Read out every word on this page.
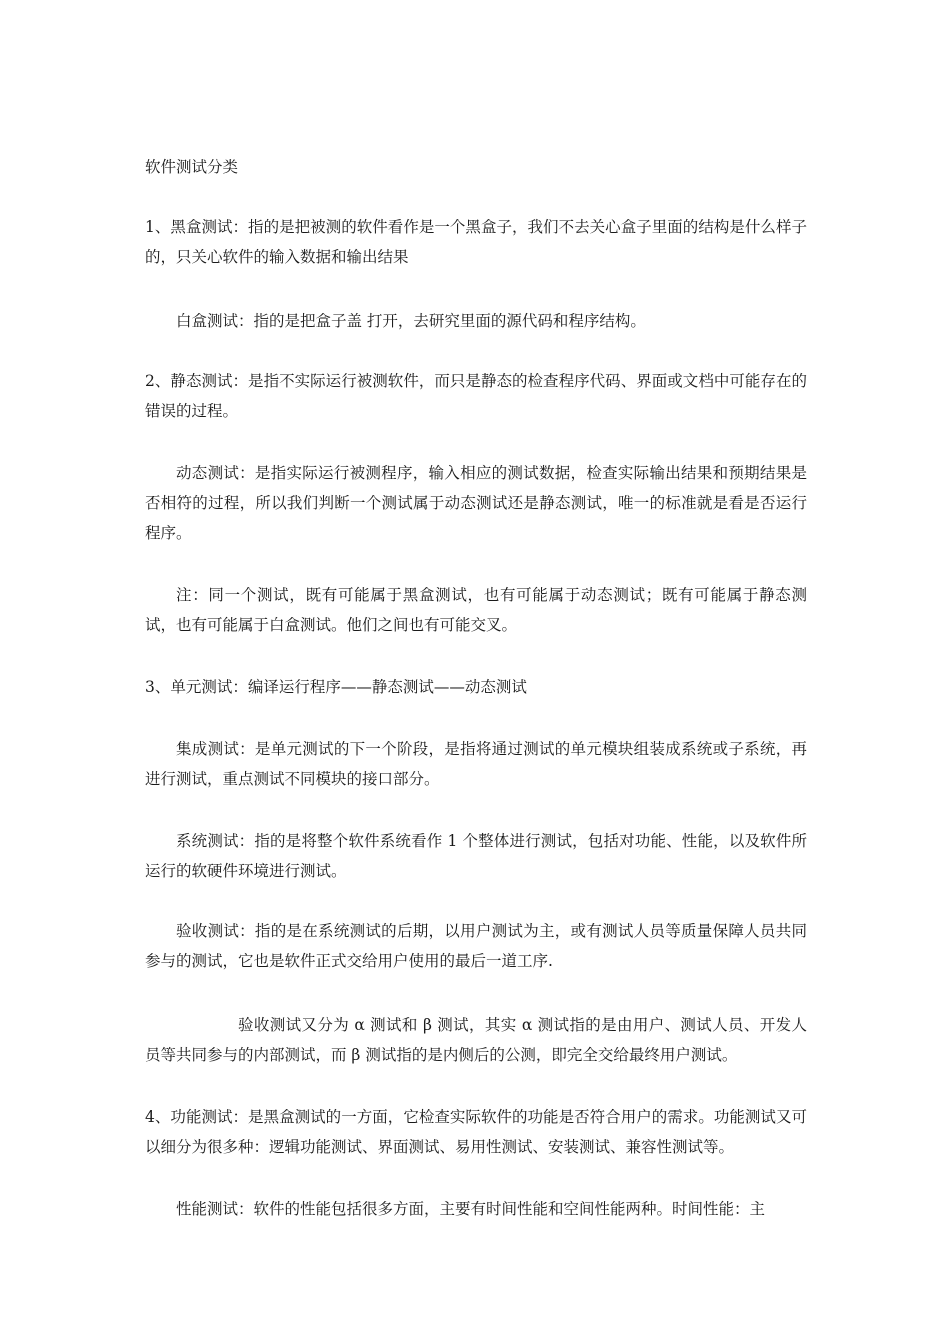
软件测试分类

1、黑盒测试：指的是把被测的软件看作是一个黑盒子，我们不去关心盒子里面的结构是什么样子的，只关心软件的输入数据和输出结果

白盒测试：指的是把盒子盖 打开，去研究里面的源代码和程序结构。

2、静态测试：是指不实际运行被测软件，而只是静态的检查程序代码、界面或文档中可能存在的错误的过程。

动态测试：是指实际运行被测程序，输入相应的测试数据，检查实际输出结果和预期结果是否相符的过程，所以我们判断一个测试属于动态测试还是静态测试，唯一的标准就是看是否运行程序。

注：同一个测试，既有可能属于黑盒测试，也有可能属于动态测试；既有可能属于静态测试，也有可能属于白盒测试。他们之间也有可能交叉。

3、单元测试：编译运行程序——静态测试——动态测试

集成测试：是单元测试的下一个阶段，是指将通过测试的单元模块组装成系统或子系统，再进行测试，重点测试不同模块的接口部分。

系统测试：指的是将整个软件系统看作 1 个整体进行测试，包括对功能、性能，以及软件所运行的软硬件环境进行测试。

验收测试：指的是在系统测试的后期，以用户测试为主，或有测试人员等质量保障人员共同参与的测试，它也是软件正式交给用户使用的最后一道工序.

验收测试又分为 α 测试和 β 测试，其实 α 测试指的是由用户、测试人员、开发人员等共同参与的内部测试，而 β 测试指的是内侧后的公测，即完全交给最终用户测试。

4、功能测试：是黑盒测试的一方面，它检查实际软件的功能是否符合用户的需求。功能测试又可以细分为很多种：逻辑功能测试、界面测试、易用性测试、安装测试、兼容性测试等。

性能测试：软件的性能包括很多方面，主要有时间性能和空间性能两种。时间性能：主
